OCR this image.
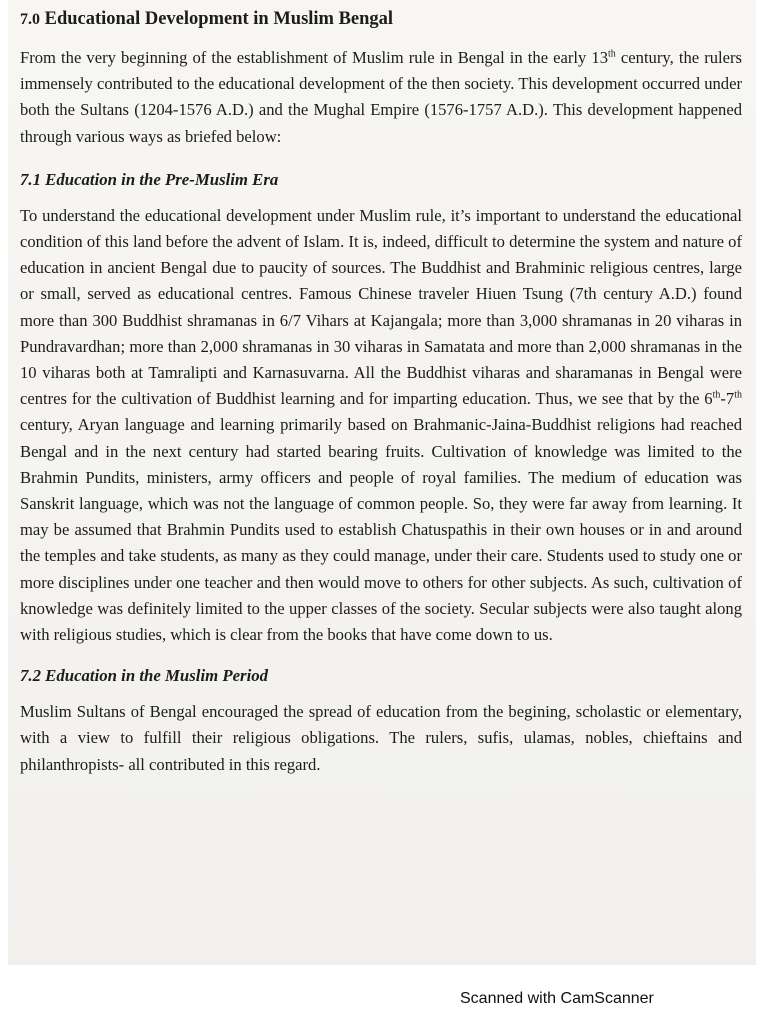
7.0 Educational Development in Muslim Bengal

From the very beginning of the establishment of Muslim rule in Bengal in the early 13th century, the rulers immensely contributed to the educational development of the then society. This development occurred under both the Sultans (1204-1576 A.D.) and the Mughal Empire (1576-1757 A.D.). This development happened through various ways as briefed below:

7.1 Education in the Pre-Muslim Era

To understand the educational development under Muslim rule, it’s important to understand the educational condition of this land before the advent of Islam. It is, indeed, difficult to determine the system and nature of education in ancient Bengal due to paucity of sources. The Buddhist and Brahminic religious centres, large or small, served as educational centres. Famous Chinese traveler Hiuen Tsung (7th century A.D.) found more than 300 Buddhist shramanas in 6/7 Vihars at Kajangala; more than 3,000 shramanas in 20 viharas in Pundravardhan; more than 2,000 shramanas in 30 viharas in Samatata and more than 2,000 shramanas in the 10 viharas both at Tamralipti and Karnasuvarna. All the Buddhist viharas and sharamanas in Bengal were centres for the cultivation of Buddhist learning and for imparting education. Thus, we see that by the 6th-7th century, Aryan language and learning primarily based on Brahmanic-Jaina-Buddhist religions had reached Bengal and in the next century had started bearing fruits. Cultivation of knowledge was limited to the Brahmin Pundits, ministers, army officers and people of royal families. The medium of education was Sanskrit language, which was not the language of common people. So, they were far away from learning. It may be assumed that Brahmin Pundits used to establish Chatuspathis in their own houses or in and around the temples and take students, as many as they could manage, under their care. Students used to study one or more disciplines under one teacher and then would move to others for other subjects. As such, cultivation of knowledge was definitely limited to the upper classes of the society. Secular subjects were also taught along with religious studies, which is clear from the books that have come down to us.

7.2 Education in the Muslim Period

Muslim Sultans of Bengal encouraged the spread of education from the begining, scholastic or elementary, with a view to fulfill their religious obligations. The rulers, sufis, ulamas, nobles, chieftains and philanthropists- all contributed in this regard.

Scanned with CamScanner
